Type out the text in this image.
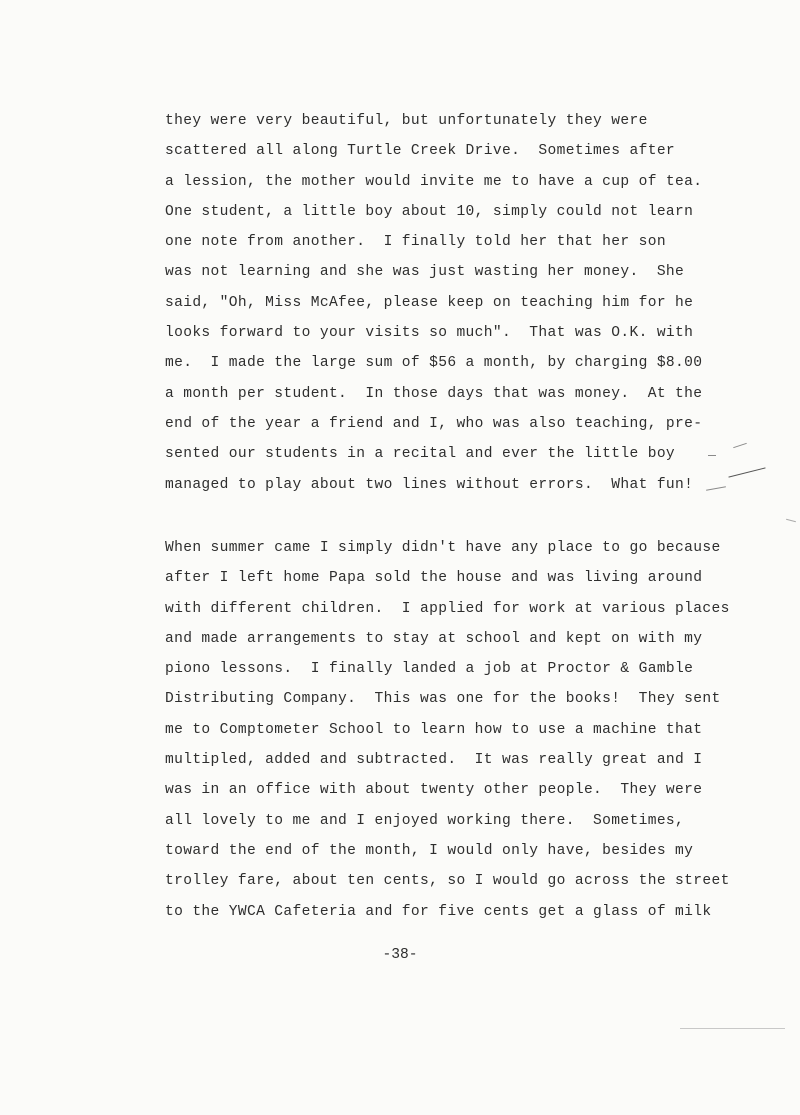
they were very beautiful, but unfortunately they were
scattered all along Turtle Creek Drive.  Sometimes after
a lession, the mother would invite me to have a cup of tea.
One student, a little boy about 10, simply could not learn
one note from another.  I finally told her that her son
was not learning and she was just wasting her money.  She
said, "Oh, Miss McAfee, please keep on teaching him for he
looks forward to your visits so much".  That was O.K. with
me.  I made the large sum of $56 a month, by charging $8.00
a month per student.  In those days that was money.  At the
end of the year a friend and I, who was also teaching, pre-
sented our students in a recital and ever the little boy
managed to play about two lines without errors.  What fun!
When summer came I simply didn't have any place to go because
after I left home Papa sold the house and was living around
with different children.  I applied for work at various places
and made arrangements to stay at school and kept on with my
piono lessons.  I finally landed a job at Proctor & Gamble
Distributing Company.  This was one for the books!  They sent
me to Comptometer School to learn how to use a machine that
multipled, added and subtracted.  It was really great and I
was in an office with about twenty other people.  They were
all lovely to me and I enjoyed working there.  Sometimes,
toward the end of the month, I would only have, besides my
trolley fare, about ten cents, so I would go across the street
to the YWCA Cafeteria and for five cents get a glass of milk
-38-
